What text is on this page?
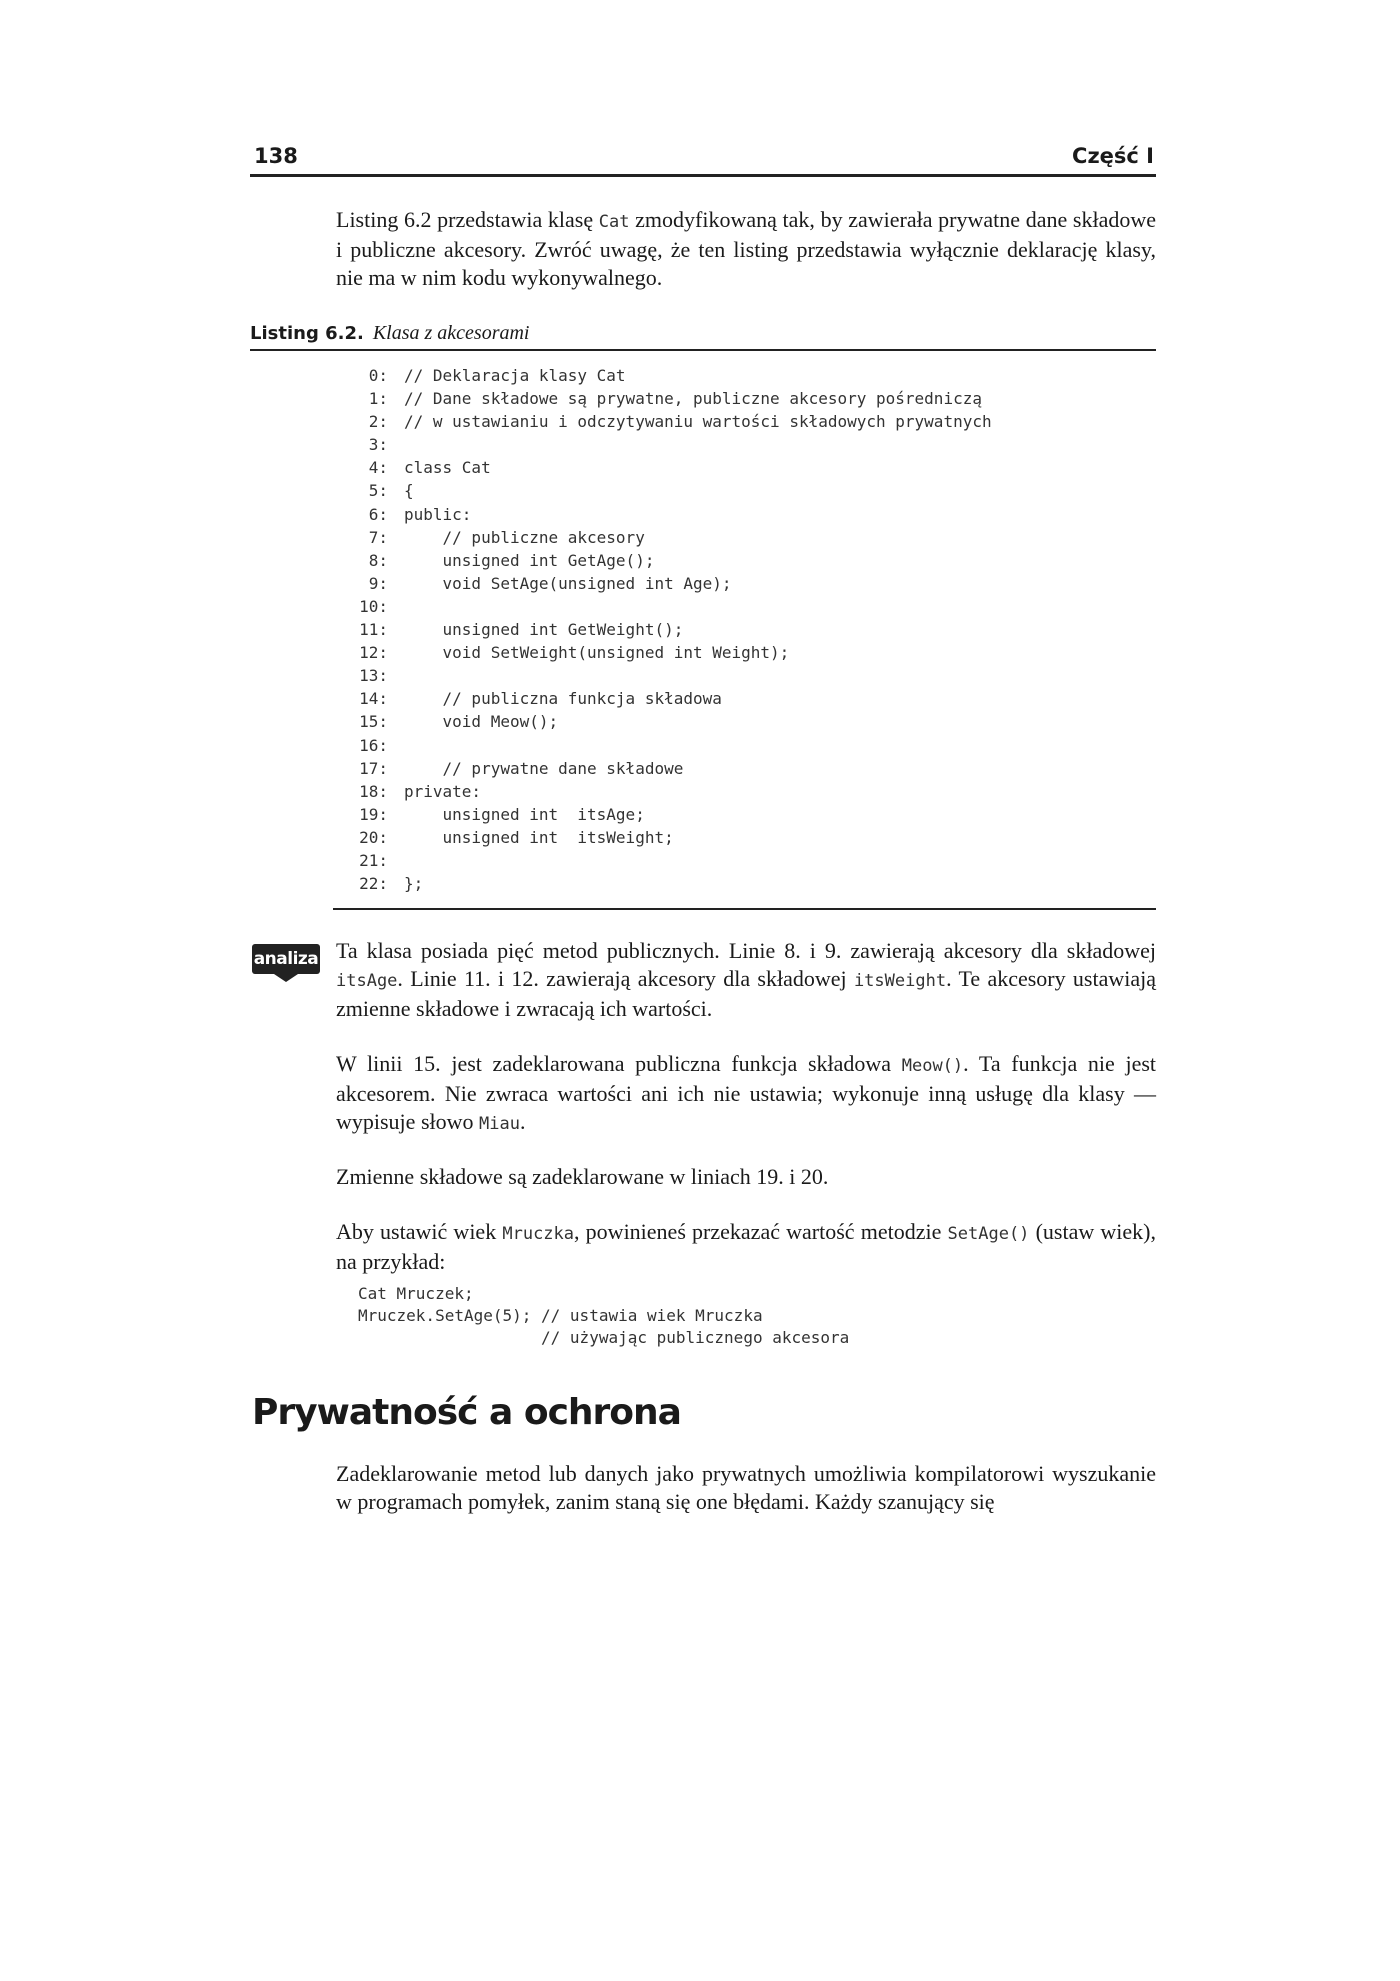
138	Część I

Listing 6.2 przedstawia klasę Cat zmodyfikowaną tak, by zawierała prywatne dane składowe i publiczne akcesory. Zwróć uwagę, że ten listing przedstawia wyłącznie deklarację klasy, nie ma w nim kodu wykonywalnego.

Listing 6.2. Klasa z akcesorami
0: // Deklaracja klasy Cat
1: // Dane składowe są prywatne, publiczne akcesory pośredniczą
2: // w ustawianiu i odczytywaniu wartości składowych prywatnych
3:
4: class Cat
5: {
6: public:
7:    // publiczne akcesory
8:    unsigned int GetAge();
9:    void SetAge(unsigned int Age);
10:
11:    unsigned int GetWeight();
12:    void SetWeight(unsigned int Weight);
13:
14:    // publiczna funkcja składowa
15:    void Meow();
16:
17:    // prywatne dane składowe
18: private:
19:    unsigned int  itsAge;
20:    unsigned int  itsWeight;
21:
22: };
analiza Ta klasa posiada pięć metod publicznych. Linie 8. i 9. zawierają akcesory dla składowej itsAge. Linie 11. i 12. zawierają akcesory dla składowej itsWeight. Te akcesory ustawiają zmienne składowe i zwracają ich wartości.

W linii 15. jest zadeklarowana publiczna funkcja składowa Meow(). Ta funkcja nie jest akcesorem. Nie zwraca wartości ani ich nie ustawia; wykonuje inną usługę dla klasy — wypisuje słowo Miau.

Zmienne składowe są zadeklarowane w liniach 19. i 20.

Aby ustawić wiek Mruczka, powinieneś przekazać wartość metodzie SetAge() (ustaw wiek), na przykład:

Cat Mruczek;
Mruczek.SetAge(5); // ustawia wiek Mruczka
// używając publicznego akcesora
Prywatność a ochrona

Zadeklarowanie metod lub danych jako prywatnych umożliwia kompilatorowi wyszukanie w programach pomyłek, zanim staną się one błędami. Każdy szanujący się
